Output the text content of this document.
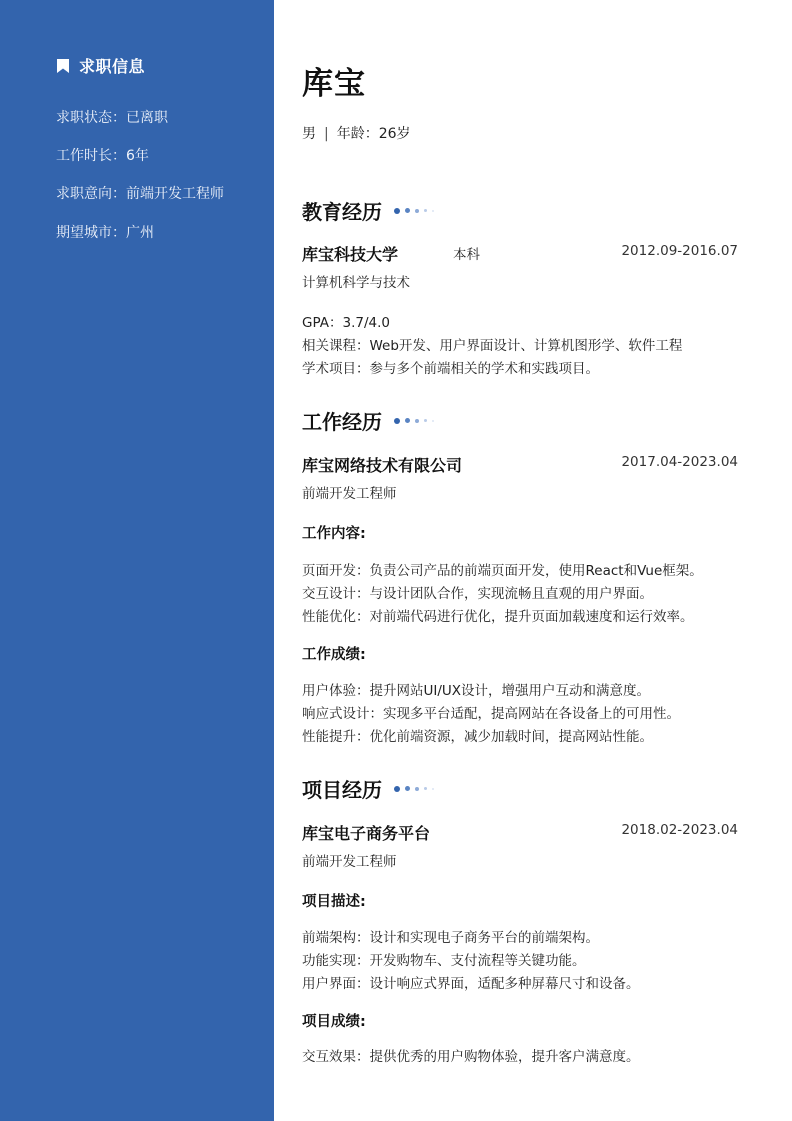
求职信息
求职状态：已离职
工作时长：6年
求职意向：前端开发工程师
期望城市：广州
库宝
男 | 年龄：26岁
教育经历
库宝科技大学	本科	2012.09-2016.07
计算机科学与技术
GPA：3.7/4.0
相关课程：Web开发、用户界面设计、计算机图形学、软件工程
学术项目：参与多个前端相关的学术和实践项目。
工作经历
库宝网络技术有限公司	2017.04-2023.04
前端开发工程师
工作内容:
页面开发：负责公司产品的前端页面开发，使用React和Vue框架。
交互设计：与设计团队合作，实现流畅且直观的用户界面。
性能优化：对前端代码进行优化，提升页面加载速度和运行效率。
工作成绩:
用户体验：提升网站UI/UX设计，增强用户互动和满意度。
响应式设计：实现多平台适配，提高网站在各设备上的可用性。
性能提升：优化前端资源，减少加载时间，提高网站性能。
项目经历
库宝电子商务平台	2018.02-2023.04
前端开发工程师
项目描述:
前端架构：设计和实现电子商务平台的前端架构。
功能实现：开发购物车、支付流程等关键功能。
用户界面：设计响应式界面，适配多种屏幕尺寸和设备。
项目成绩:
交互效果：提供优秀的用户购物体验，提升客户满意度。
